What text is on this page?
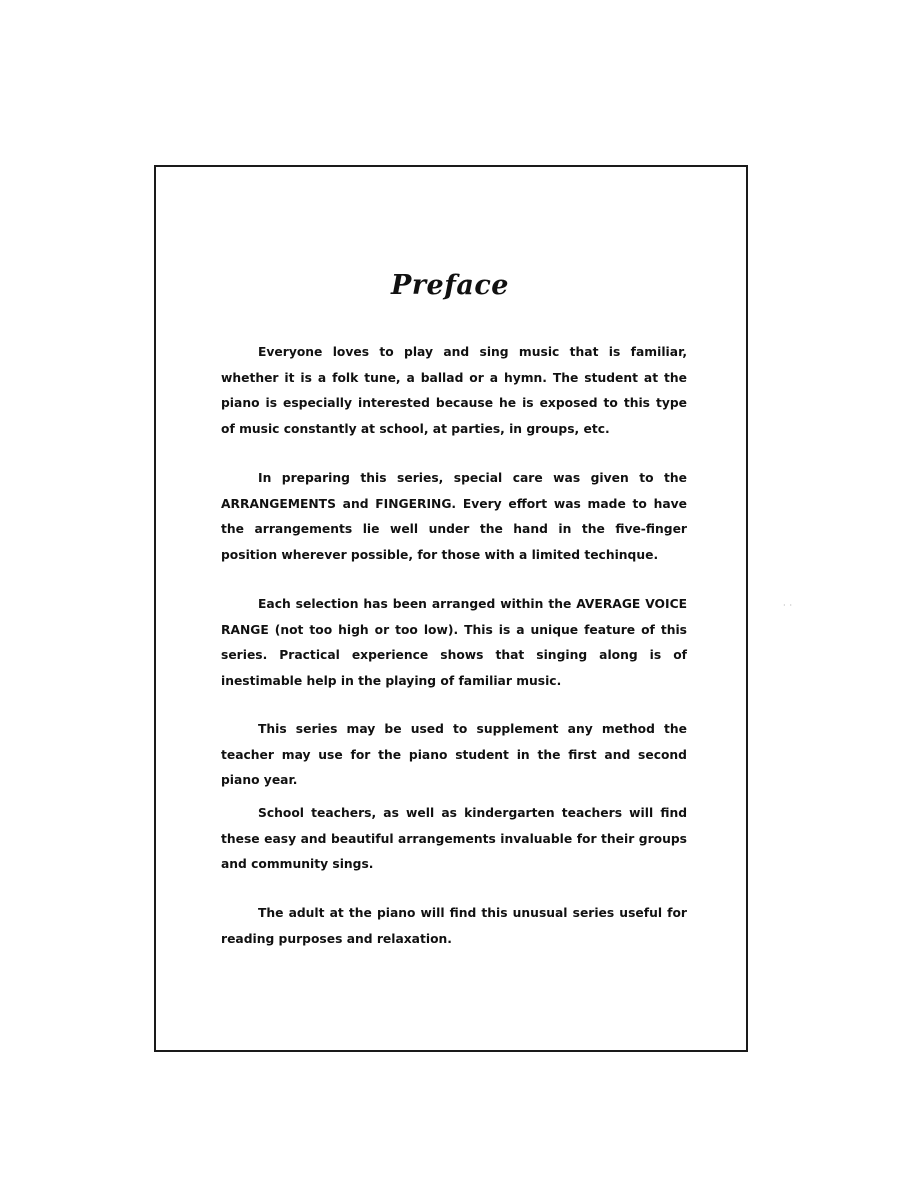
Preface

Everyone loves to play and sing music that is familiar, whether it is a folk tune, a ballad or a hymn. The student at the piano is especially interested because he is exposed to this type of music constantly at school, at parties, in groups, etc.

In preparing this series, special care was given to the ARRANGEMENTS and FINGERING. Every effort was made to have the arrangements lie well under the hand in the five-finger position wherever possible, for those with a limited techinque.

Each selection has been arranged within the AVERAGE VOICE RANGE (not too high or too low). This is a unique feature of this series. Practical experience shows that singing along is of inestimable help in the playing of familiar music.

This series may be used to supplement any method the teacher may use for the piano student in the first and second piano year.

School teachers, as well as kindergarten teachers will find these easy and beautiful arrangements invaluable for their groups and community sings.

The adult at the piano will find this unusual series useful for reading purposes and relaxation.

··
